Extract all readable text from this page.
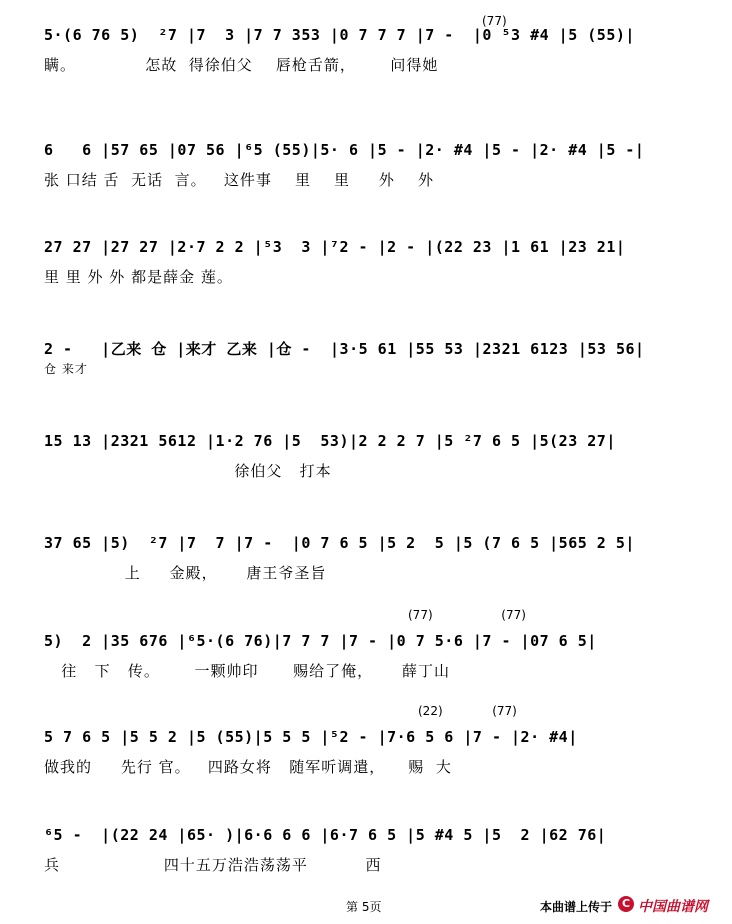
(77)
5·(6 76 5)  ²7 |7  3 |7 7 353 |0 7 7 7 |7 -  |0 ⁵3 #4 |5 (55)|
瞒。            怎故  得徐伯父    唇枪舌箭，      问得她
6   6 |57 65 |07 56 |⁶5 (55)|5· 6 |5 - |2· #4 |5 - |2· #4 |5 -|
张 口结 舌  无话  言。   这件事    里    里     外    外
27 27 |27 27 |2·7 2 2 |⁵3  3 |⁷2 - |2 - |(22 23 |1 61 |23 21|
里 里 外 外 都是薛金 莲。
2 -   |乙来 仓 |来才 乙来 |仓 -  |3·5 61 |55 53 |2321 6123 |53 56|
仓 来才
15 13 |2321 5612 |1·2 76 |5  53)|2 2 2 7 |5 ²7 6 5 |5(23 27|
徐伯父   打本
37 65 |5)  ²7 |7  7 |7 -  |0 7 6 5 |5 2  5 |5 (7 6 5 |565 2 5|
上     金殿，     唐王爷圣旨
(77)                  (77)
5)  2 |35 676 |⁶5·(6 76)|7 7 7 |7 - |0 7 5·6 |7 - |07 6 5|
往   下   传。      一颗帅印      赐给了俺，     薛丁山
(22)             (77)
5 7 6 5 |5 5 2 |5 (55)|5 5 5 |⁵2 - |7·6 5 6 |7 - |2· #4|
做我的     先行 官。   四路女将   随军听调遣，    赐  大
⁶5 -  |(22 24 |65· )|6·6 6 6 |6·7 6 5 |5 #4 5 |5  2 |62 76|
兵                  四十五万浩浩荡荡平          西
第 5页	本曲谱上传于 C 中国曲谱网
